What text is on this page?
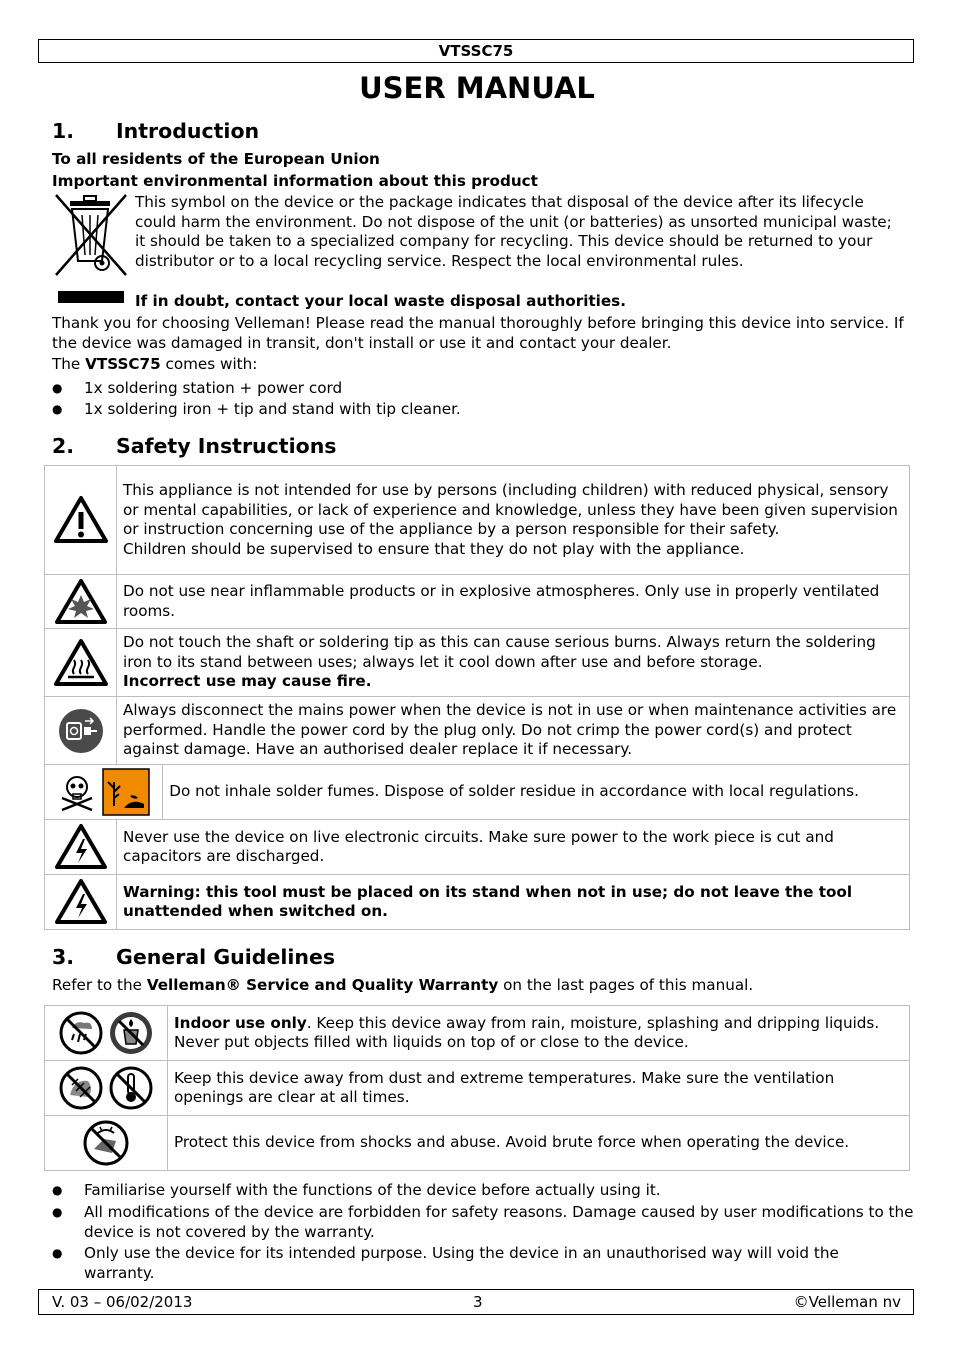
VTSSC75
USER MANUAL
1. Introduction

To all residents of the European Union

Important environmental information about this product

This symbol on the device or the package indicates that disposal of the device after its lifecycle could harm the environment. Do not dispose of the unit (or batteries) as unsorted municipal waste; it should be taken to a specialized company for recycling. This device should be returned to your distributor or to a local recycling service. Respect the local environmental rules.

If in doubt, contact your local waste disposal authorities.

Thank you for choosing Velleman! Please read the manual thoroughly before bringing this device into service. If the device was damaged in transit, don't install or use it and contact your dealer.

The VTSSC75 comes with:

● 1x soldering station + power cord
● 1x soldering iron + tip and stand with tip cleaner.
2. Safety Instructions

This appliance is not intended for use by persons (including children) with reduced physical, sensory or mental capabilities, or lack of experience and knowledge, unless they have been given supervision or instruction concerning use of the appliance by a person responsible for their safety.

Children should be supervised to ensure that they do not play with the appliance.	

Do not use near inflammable products or in explosive atmospheres. Only use in properly ventilated rooms.	

Do not touch the shaft or soldering tip as this can cause serious burns. Always return the soldering iron to its stand between uses; always let it cool down after use and before storage.

Incorrect use may cause fire.	

Always disconnect the mains power when the device is not in use or when maintenance activities are performed. Handle the power cord by the plug only. Do not crimp the power cord(s) and protect against damage. Have an authorised dealer replace it if necessary.	

Do not inhale solder fumes. Dispose of solder residue in accordance with local regulations.

Never use the device on live electronic circuits. Make sure power to the work piece is cut and capacitors are discharged.	

Warning: this tool must be placed on its stand when not in use; do not leave the tool unattended when switched on.	

3. General Guidelines

Refer to the Velleman® Service and Quality Warranty on the last pages of this manual.

Indoor use only. Keep this device away from rain, moisture, splashing and dripping liquids. Never put objects filled with liquids on top of or close to the device.

Keep this device away from dust and extreme temperatures. Make sure the ventilation openings are clear at all times.

Protect this device from shocks and abuse. Avoid brute force when operating the device.

● Familiarise yourself with the functions of the device before actually using it.
● All modifications of the device are forbidden for safety reasons. Damage caused by user modifications to the device is not covered by the warranty.
● Only use the device for its intended purpose. Using the device in an unauthorised way will void the warranty.
V. 03 – 06/02/2013	3	©Velleman nv
